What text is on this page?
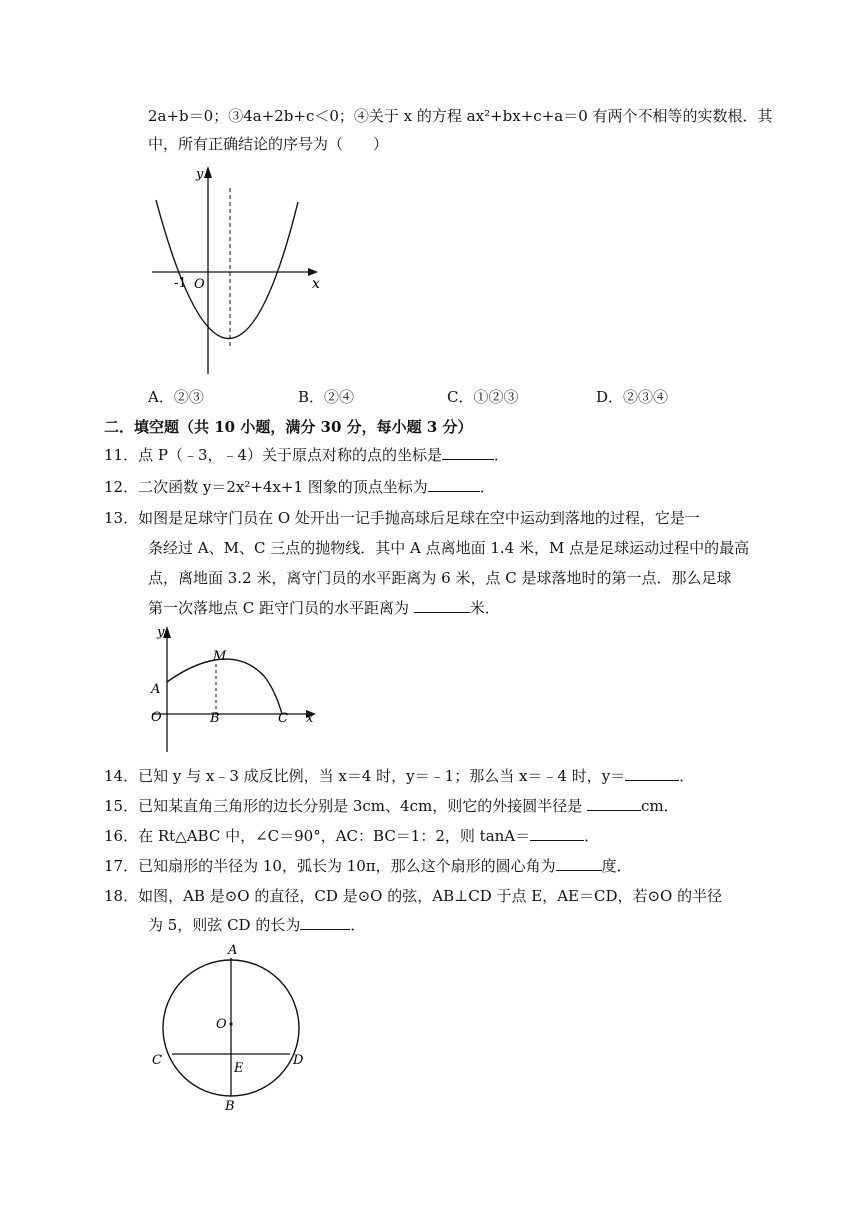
2a+b＝0；③4a+2b+c＜0；④关于 x 的方程 ax²+bx+c+a＝0 有两个不相等的实数根．其
中，所有正确结论的序号为（　　）
y
x
O
-1
A．②③	B．②④	C．①②③	D．②③④
二．填空题（共 10 小题，满分 30 分，每小题 3 分）
11．点 P（﹣3，﹣4）关于原点对称的点的坐标是	．
12．二次函数 y＝2x²+4x+1 图象的顶点坐标为	．
13．如图是足球守门员在 O 处开出一记手抛高球后足球在空中运动到落地的过程，它是一
条经过 A、M、C 三点的抛物线．其中 A 点离地面 1.4 米，M 点是足球运动过程中的最高
点，离地面 3.2 米，离守门员的水平距离为 6 米，点 C 是球落地时的第一点．那么足球
第一次落地点 C 距守门员的水平距离为	米．
y
x
O
A
M
B	C
14．已知 y 与 x﹣3 成反比例，当 x＝4 时，y＝﹣1；那么当 x＝﹣4 时，y＝	．
15．已知某直角三角形的边长分别是 3cm、4cm，则它的外接圆半径是	cm．
16．在 Rt△ABC 中，∠C＝90°，AC：BC＝1：2，则 tanA＝	．
17．已知扇形的半径为 10，弧长为 10π，那么这个扇形的圆心角为	度．
18．如图，AB 是⊙O 的直径，CD 是⊙O 的弦，AB⊥CD 于点 E，AE＝CD，若⊙O 的半径
为 5，则弦 CD 的长为	．
A
O
C	D
E
B
